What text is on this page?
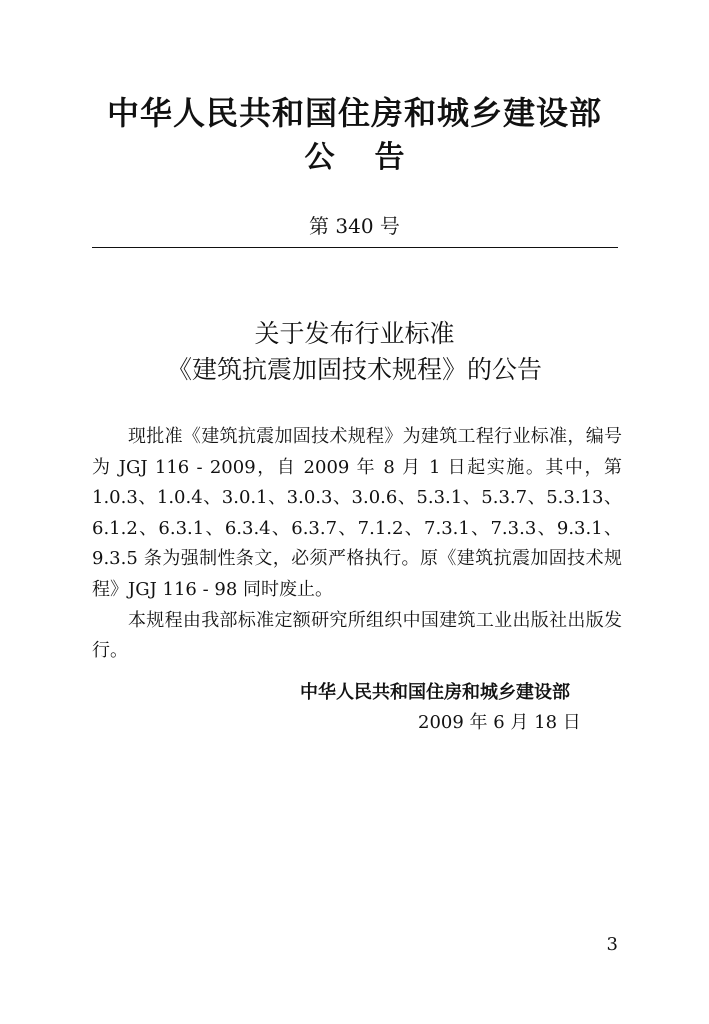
中华人民共和国住房和城乡建设部
公告
第 340 号
关于发布行业标准
《建筑抗震加固技术规程》的公告

现批准《建筑抗震加固技术规程》为建筑工程行业标准，编号为 JGJ 116 - 2009，自 2009 年 8 月 1 日起实施。其中，第 1.0.3、1.0.4、3.0.1、3.0.3、3.0.6、5.3.1、5.3.7、5.3.13、6.1.2、6.3.1、6.3.4、6.3.7、7.1.2、7.3.1、7.3.3、9.3.1、9.3.5 条为强制性条文，必须严格执行。原《建筑抗震加固技术规程》JGJ 116 - 98 同时废止。

本规程由我部标准定额研究所组织中国建筑工业出版社出版发行。

中华人民共和国住房和城乡建设部
2009 年 6 月 18 日
3
